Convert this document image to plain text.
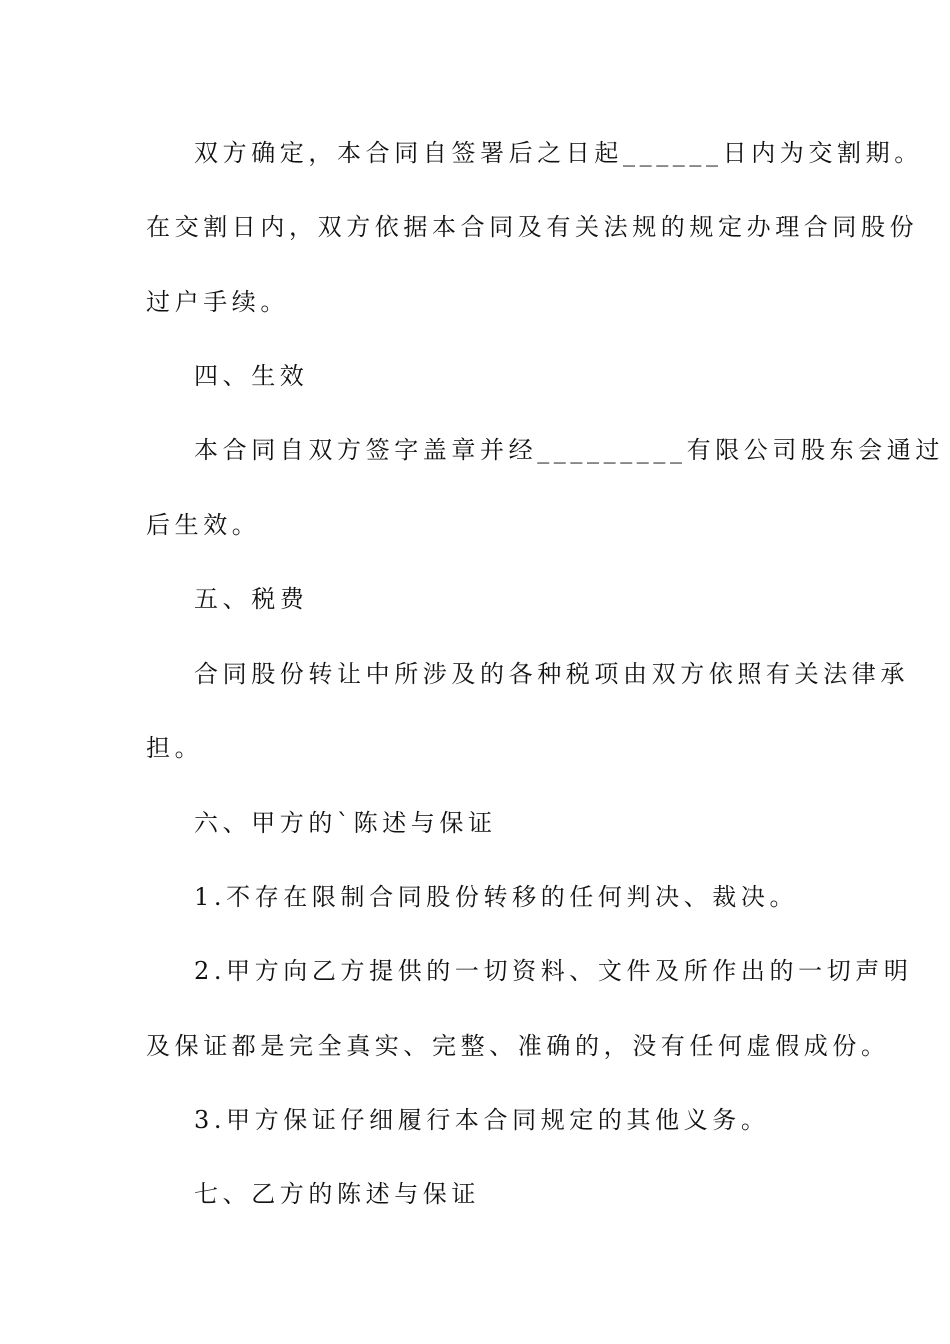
双方确定，本合同自签署后之日起______日内为交割期。
在交割日内，双方依据本合同及有关法规的规定办理合同股份
过户手续。
四、生效
本合同自双方签字盖章并经_________有限公司股东会通过
后生效。
五、税费
合同股份转让中所涉及的各种税项由双方依照有关法律承
担。
六、甲方的`陈述与保证
1.不存在限制合同股份转移的任何判决、裁决。
2.甲方向乙方提供的一切资料、文件及所作出的一切声明
及保证都是完全真实、完整、准确的，没有任何虚假成份。
3.甲方保证仔细履行本合同规定的其他义务。
七、乙方的陈述与保证
